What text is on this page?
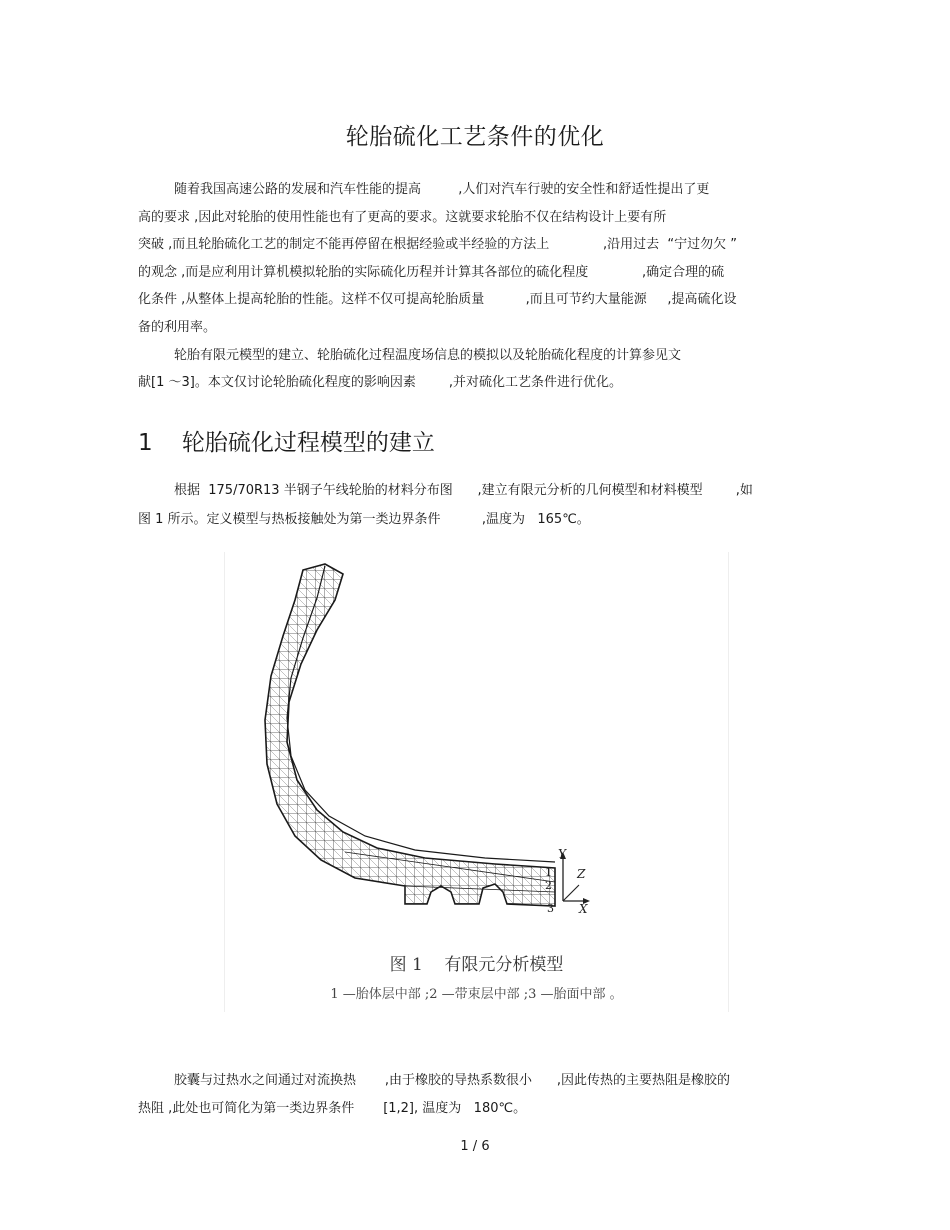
轮胎硫化工艺条件的优化
随着我国高速公路的发展和汽车性能的提高         ,人们对汽车行驶的安全性和舒适性提出了更
高的要求 ,因此对轮胎的使用性能也有了更高的要求。这就要求轮胎不仅在结构设计上要有所
突破 ,而且轮胎硫化工艺的制定不能再停留在根据经验或半经验的方法上             ,沿用过去  “宁过勿欠 ”
的观念 ,而是应利用计算机模拟轮胎的实际硫化历程并计算其各部位的硫化程度             ,确定合理的硫
化条件 ,从整体上提高轮胎的性能。这样不仅可提高轮胎质量          ,而且可节约大量能源     ,提高硫化设
备的利用率。
轮胎有限元模型的建立、轮胎硫化过程温度场信息的模拟以及轮胎硫化程度的计算参见文
献[1 ～3]。本文仅讨论轮胎硫化程度的影响因素        ,并对硫化工艺条件进行优化。
1    轮胎硫化过程模型的建立
根据  175/70R13 半钢子午线轮胎的材料分布图      ,建立有限元分析的几何模型和材料模型        ,如
图 1 所示。定义模型与热板接触处为第一类边界条件          ,温度为   165℃。
Y
Z
X
1
2
3
图 1    有限元分析模型
1 —胎体层中部 ;2 —带束层中部 ;3 —胎面中部 。
胶囊与过热水之间通过对流换热       ,由于橡胶的导热系数很小      ,因此传热的主要热阻是橡胶的
热阻 ,此处也可简化为第一类边界条件       [1,2], 温度为   180℃。
1 / 6
